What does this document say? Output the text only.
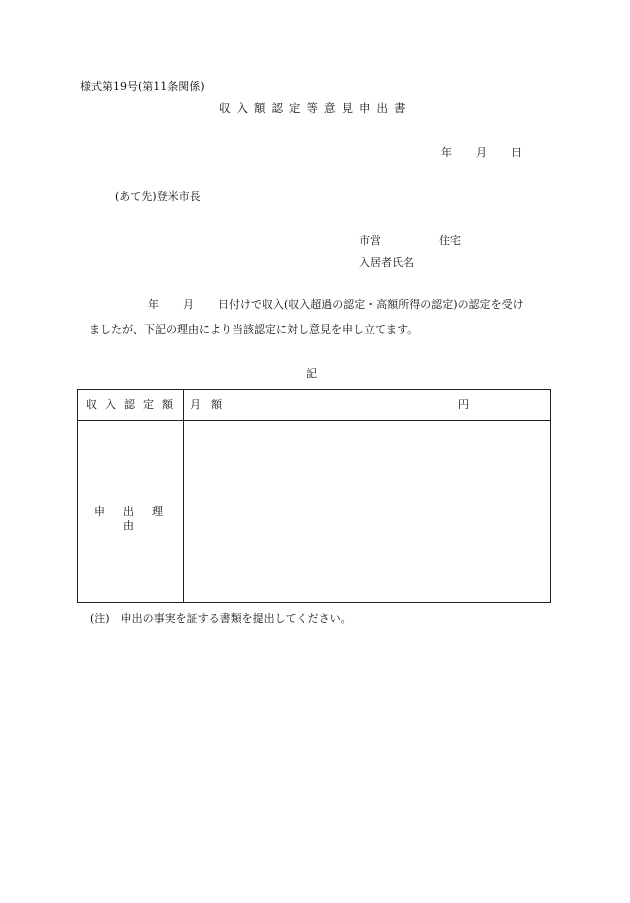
様式第19号(第11条関係)
収入額認定等意見申出書
年 月 日
(あて先)登米市長
市営	住宅
入居者氏名
年 月 日付けで収入(収入超過の認定・高額所得の認定)の認定を受け
ましたが、下記の理由により当該認定に対し意見を申し立てます。
記
収入認定額 月額	円
申出理由
(注)　申出の事実を証する書類を提出してください。
